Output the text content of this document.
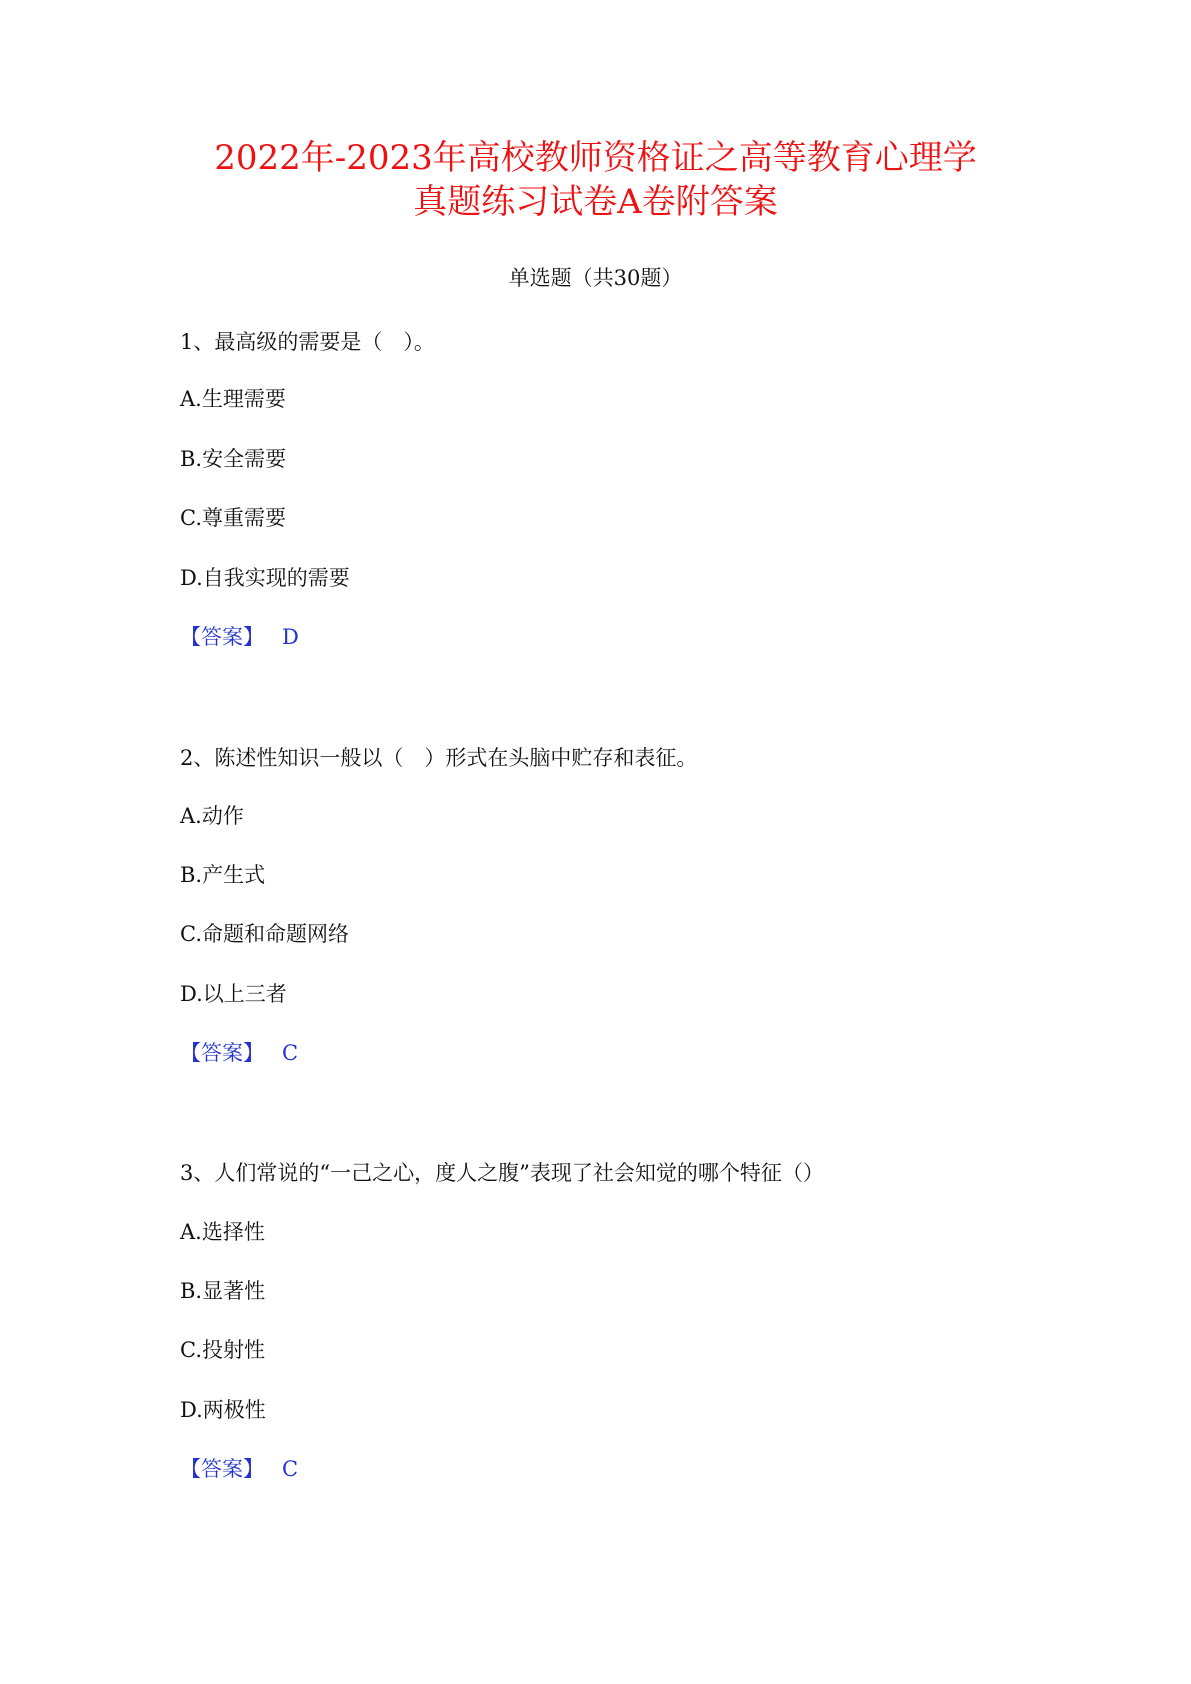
2022年-2023年高校教师资格证之高等教育心理学
真题练习试卷A卷附答案
单选题（共30题）
1、最高级的需要是（　）。
A.生理需要
B.安全需要
C.尊重需要
D.自我实现的需要
【答案】 D
2、陈述性知识一般以（　）形式在头脑中贮存和表征。
A.动作
B.产生式
C.命题和命题网络
D.以上三者
【答案】 C
3、人们常说的“一己之心，度人之腹”表现了社会知觉的哪个特征（）
A.选择性
B.显著性
C.投射性
D.两极性
【答案】 C
